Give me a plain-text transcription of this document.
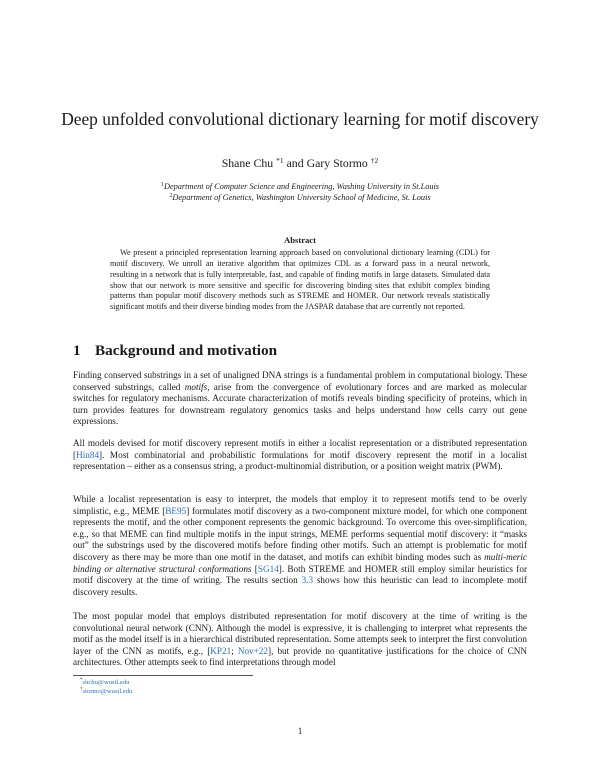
Deep unfolded convolutional dictionary learning for motif discovery
Shane Chu $^{*1}$ and Gary Stormo $^{\dagger 2}$
$^1$Department of Computer Science and Engineering, Washing University in St.Louis
$^2$Department of Genetics, Washington University School of Medicine, St. Louis
Abstract

We present a principled representation learning approach based on convolutional dictionary learning (CDL) for motif discovery. We unroll an iterative algorithm that optimizes CDL as a forward pass in a neural network, resulting in a network that is fully interpretable, fast, and capable of finding motifs in large datasets. Simulated data show that our network is more sensitive and specific for discovering binding sites that exhibit complex binding patterns than popular motif discovery methods such as STREME and HOMER. Our network reveals statistically significant motifs and their diverse binding modes from the JASPAR database that are currently not reported.

1 Background and motivation

Finding conserved substrings in a set of unaligned DNA strings is a fundamental problem in computational biology. These conserved substrings, called motifs, arise from the convergence of evolutionary forces and are marked as molecular switches for regulatory mechanisms. Accurate characterization of motifs reveals binding specificity of proteins, which in turn provides features for downstream regulatory genomics tasks and helps understand how cells carry out gene expressions.

All models devised for motif discovery represent motifs in either a localist representation or a distributed representation [Hin84]. Most combinatorial and probabilistic formulations for motif discovery represent the motif in a localist representation – either as a consensus string, a product-multinomial distribution, or a position weight matrix (PWM).

While a localist representation is easy to interpret, the models that employ it to represent motifs tend to be overly simplistic, e.g., MEME [BE95] formulates motif discovery as a two-component mixture model, for which one component represents the motif, and the other component represents the genomic background. To overcome this over-simplification, e.g., so that MEME can find multiple motifs in the input strings, MEME performs sequential motif discovery: it “masks out” the substrings used by the discovered motifs before finding other motifs. Such an attempt is problematic for motif discovery as there may be more than one motif in the dataset, and motifs can exhibit binding modes such as multi-meric binding or alternative structural conformations [SG14]. Both STREME and HOMER still employ similar heuristics for motif discovery at the time of writing. The results section 3.3 shows how this heuristic can lead to incomplete motif discovery results.

The most popular model that employs distributed representation for motif discovery at the time of writing is the convolutional neural network (CNN). Although the model is expressive, it is challenging to interpret what represents the motif as the model itself is in a hierarchical distributed representation. Some attempts seek to interpret the first convolution layer of the CNN as motifs, e.g., [KP21; Nov+22], but provide no quantitative justifications for the choice of CNN architectures. Other attempts seek to find interpretations through model

*shchu@wustl.edu
†stormo@wustl.edu
1
